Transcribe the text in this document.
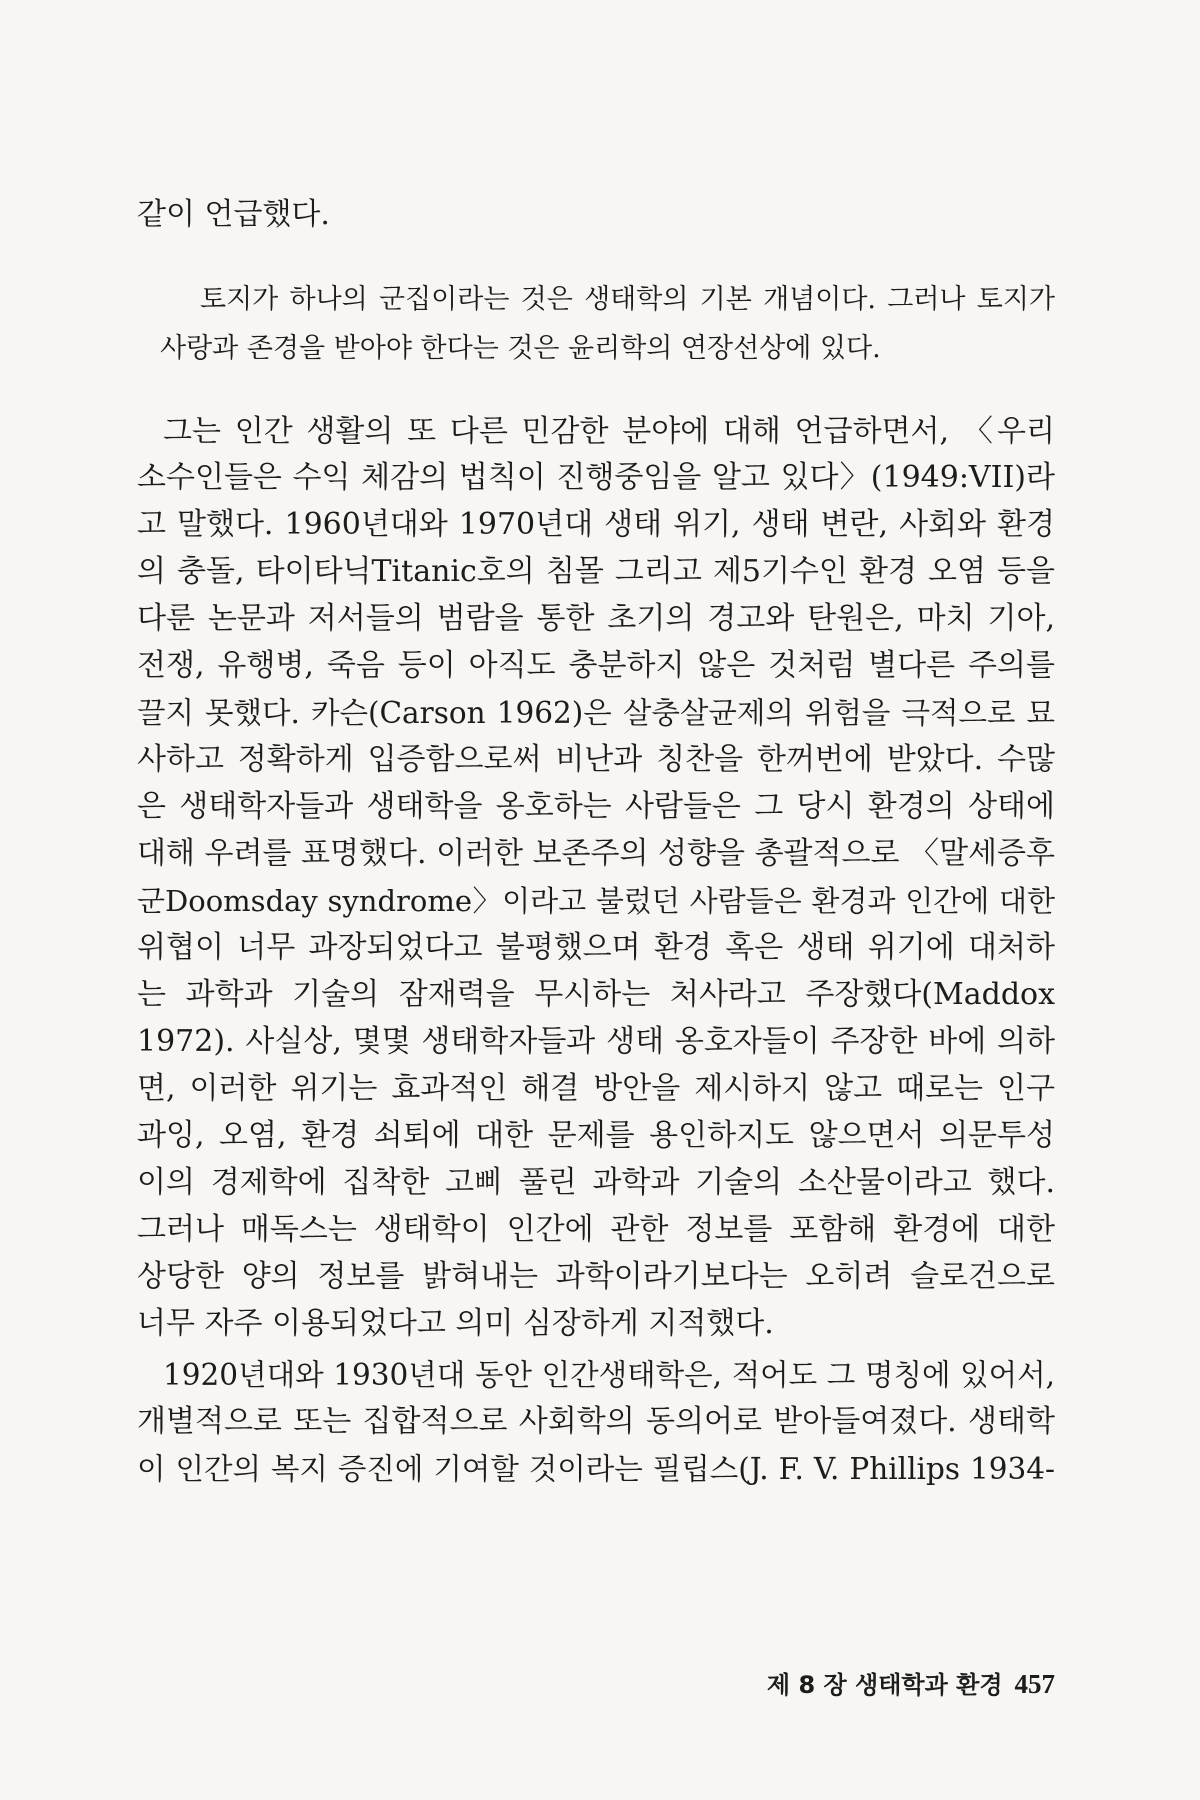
같이 언급했다.

토지가 하나의 군집이라는 것은 생태학의 기본 개념이다. 그러나 토지가

사랑과 존경을 받아야 한다는 것은 윤리학의 연장선상에 있다.

그는 인간 생활의 또 다른 민감한 분야에 대해 언급하면서, 〈우리

소수인들은 수익 체감의 법칙이 진행중임을 알고 있다〉(1949:VII)라

고 말했다. 1960년대와 1970년대 생태 위기, 생태 변란, 사회와 환경

의 충돌, 타이타닉Titanic호의 침몰 그리고 제5기수인 환경 오염 등을

다룬 논문과 저서들의 범람을 통한 초기의 경고와 탄원은, 마치 기아,

전쟁, 유행병, 죽음 등이 아직도 충분하지 않은 것처럼 별다른 주의를

끌지 못했다. 카슨(Carson 1962)은 살충살균제의 위험을 극적으로 묘

사하고 정확하게 입증함으로써 비난과 칭찬을 한꺼번에 받았다. 수많

은 생태학자들과 생태학을 옹호하는 사람들은 그 당시 환경의 상태에

대해 우려를 표명했다. 이러한 보존주의 성향을 총괄적으로 〈말세증후

군Doomsday syndrome〉이라고 불렀던 사람들은 환경과 인간에 대한

위협이 너무 과장되었다고 불평했으며 환경 혹은 생태 위기에 대처하

는 과학과 기술의 잠재력을 무시하는 처사라고 주장했다(Maddox

1972). 사실상, 몇몇 생태학자들과 생태 옹호자들이 주장한 바에 의하

면, 이러한 위기는 효과적인 해결 방안을 제시하지 않고 때로는 인구

과잉, 오염, 환경 쇠퇴에 대한 문제를 용인하지도 않으면서 의문투성

이의 경제학에 집착한 고삐 풀린 과학과 기술의 소산물이라고 했다.

그러나 매독스는 생태학이 인간에 관한 정보를 포함해 환경에 대한

상당한 양의 정보를 밝혀내는 과학이라기보다는 오히려 슬로건으로

너무 자주 이용되었다고 의미 심장하게 지적했다.

1920년대와 1930년대 동안 인간생태학은, 적어도 그 명칭에 있어서,

개별적으로 또는 집합적으로 사회학의 동의어로 받아들여졌다. 생태학

이 인간의 복지 증진에 기여할 것이라는 필립스(J. F. V. Phillips 1934-

제 8 장 생태학과 환경 457
